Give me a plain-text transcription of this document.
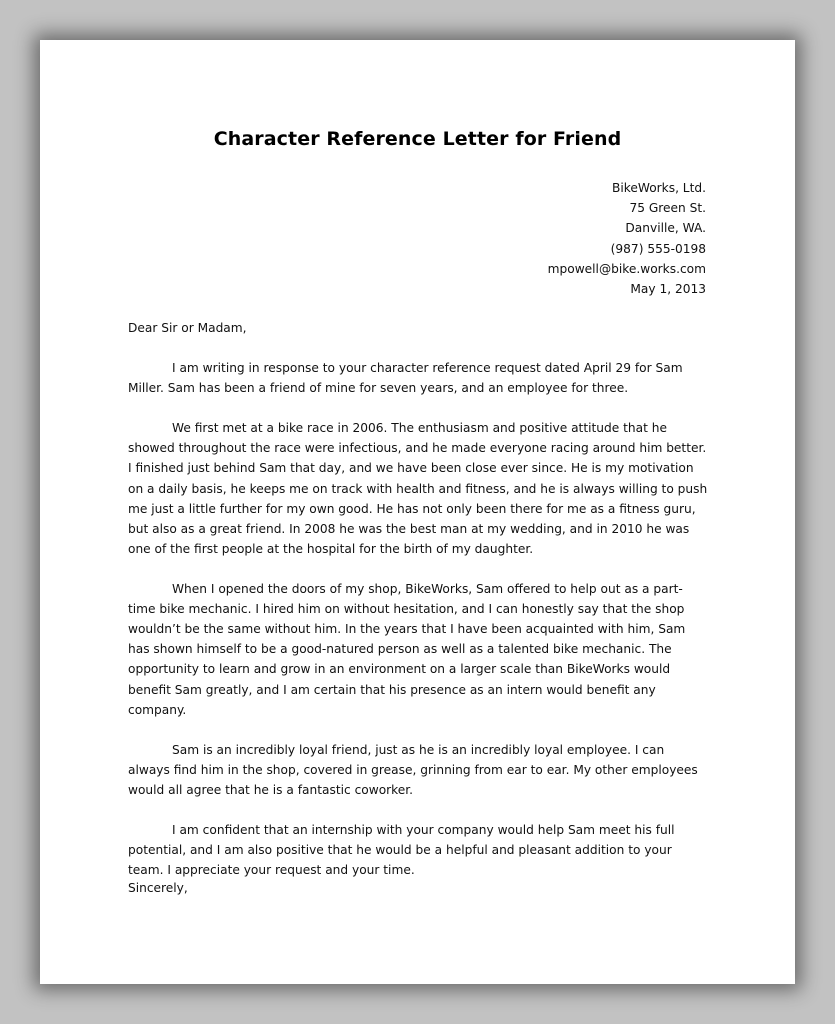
Character Reference Letter for Friend
BikeWorks, Ltd.
75 Green St.
Danville, WA.
(987) 555-0198
mpowell@bike.works.com
May 1, 2013
Dear Sir or Madam,

I am writing in response to your character reference request dated April 29 for Sam Miller. Sam has been a friend of mine for seven years, and an employee for three.

We first met at a bike race in 2006. The enthusiasm and positive attitude that he showed throughout the race were infectious, and he made everyone racing around him better. I finished just behind Sam that day, and we have been close ever since. He is my motivation on a daily basis, he keeps me on track with health and fitness, and he is always willing to push me just a little further for my own good. He has not only been there for me as a fitness guru, but also as a great friend. In 2008 he was the best man at my wedding, and in 2010 he was one of the first people at the hospital for the birth of my daughter.

When I opened the doors of my shop, BikeWorks, Sam offered to help out as a part-time bike mechanic. I hired him on without hesitation, and I can honestly say that the shop wouldn’t be the same without him. In the years that I have been acquainted with him, Sam has shown himself to be a good-natured person as well as a talented bike mechanic. The opportunity to learn and grow in an environment on a larger scale than BikeWorks would benefit Sam greatly, and I am certain that his presence as an intern would benefit any company.

Sam is an incredibly loyal friend, just as he is an incredibly loyal employee. I can always find him in the shop, covered in grease, grinning from ear to ear. My other employees would all agree that he is a fantastic coworker.

I am confident that an internship with your company would help Sam meet his full potential, and I am also positive that he would be a helpful and pleasant addition to your team. I appreciate your request and your time.

Sincerely,
